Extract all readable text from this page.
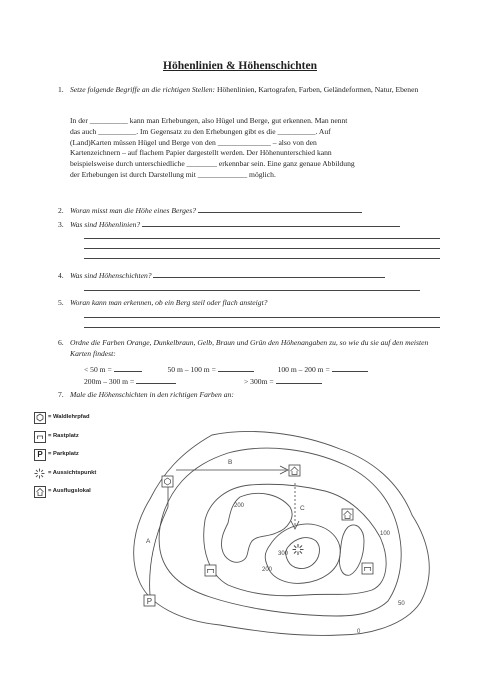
Höhenlinien & Höhenschichten
1. Setze folgende Begriffe an die richtigen Stellen: Höhenlinien, Kartografen, Farben, Geländeformen, Natur, Ebenen
In der __________ kann man Erhebungen, also Hügel und Berge, gut erkennen. Man nennt
das auch __________. Im Gegensatz zu den Erhebungen gibt es die __________. Auf
(Land)Karten müssen Hügel und Berge von den ______________ – also von den
Kartenzeichnern – auf flachem Papier dargestellt werden. Der Höhenunterschied kann
beispielsweise durch unterschiedliche ________ erkennbar sein. Eine ganz genaue Abbildung
der Erhebungen ist durch Darstellung mit _____________ möglich.
2. Woran misst man die Höhe eines Berges?
3. Was sind Höhenlinien?
4. Was sind Höhenschichten?
5. Woran kann man erkennen, ob ein Berg steil oder flach ansteigt?
6. Ordne die Farben Orange, Dunkelbraun, Gelb, Braun und Grün den Höhenangaben zu, so wie du sie auf den meisten Karten findest:
< 50 m =	50 m – 100 m =	100 m – 200 m =
200m – 300 m =	> 300m =
7. Male die Höhenschichten in den richtigen Farben an:
= Waldlehrpfad
= Rastplatz
P = Parkplatz
= Aussichtspunkt
= Ausflugslokal
A
B
C
0
50
100
200
200
300
P
